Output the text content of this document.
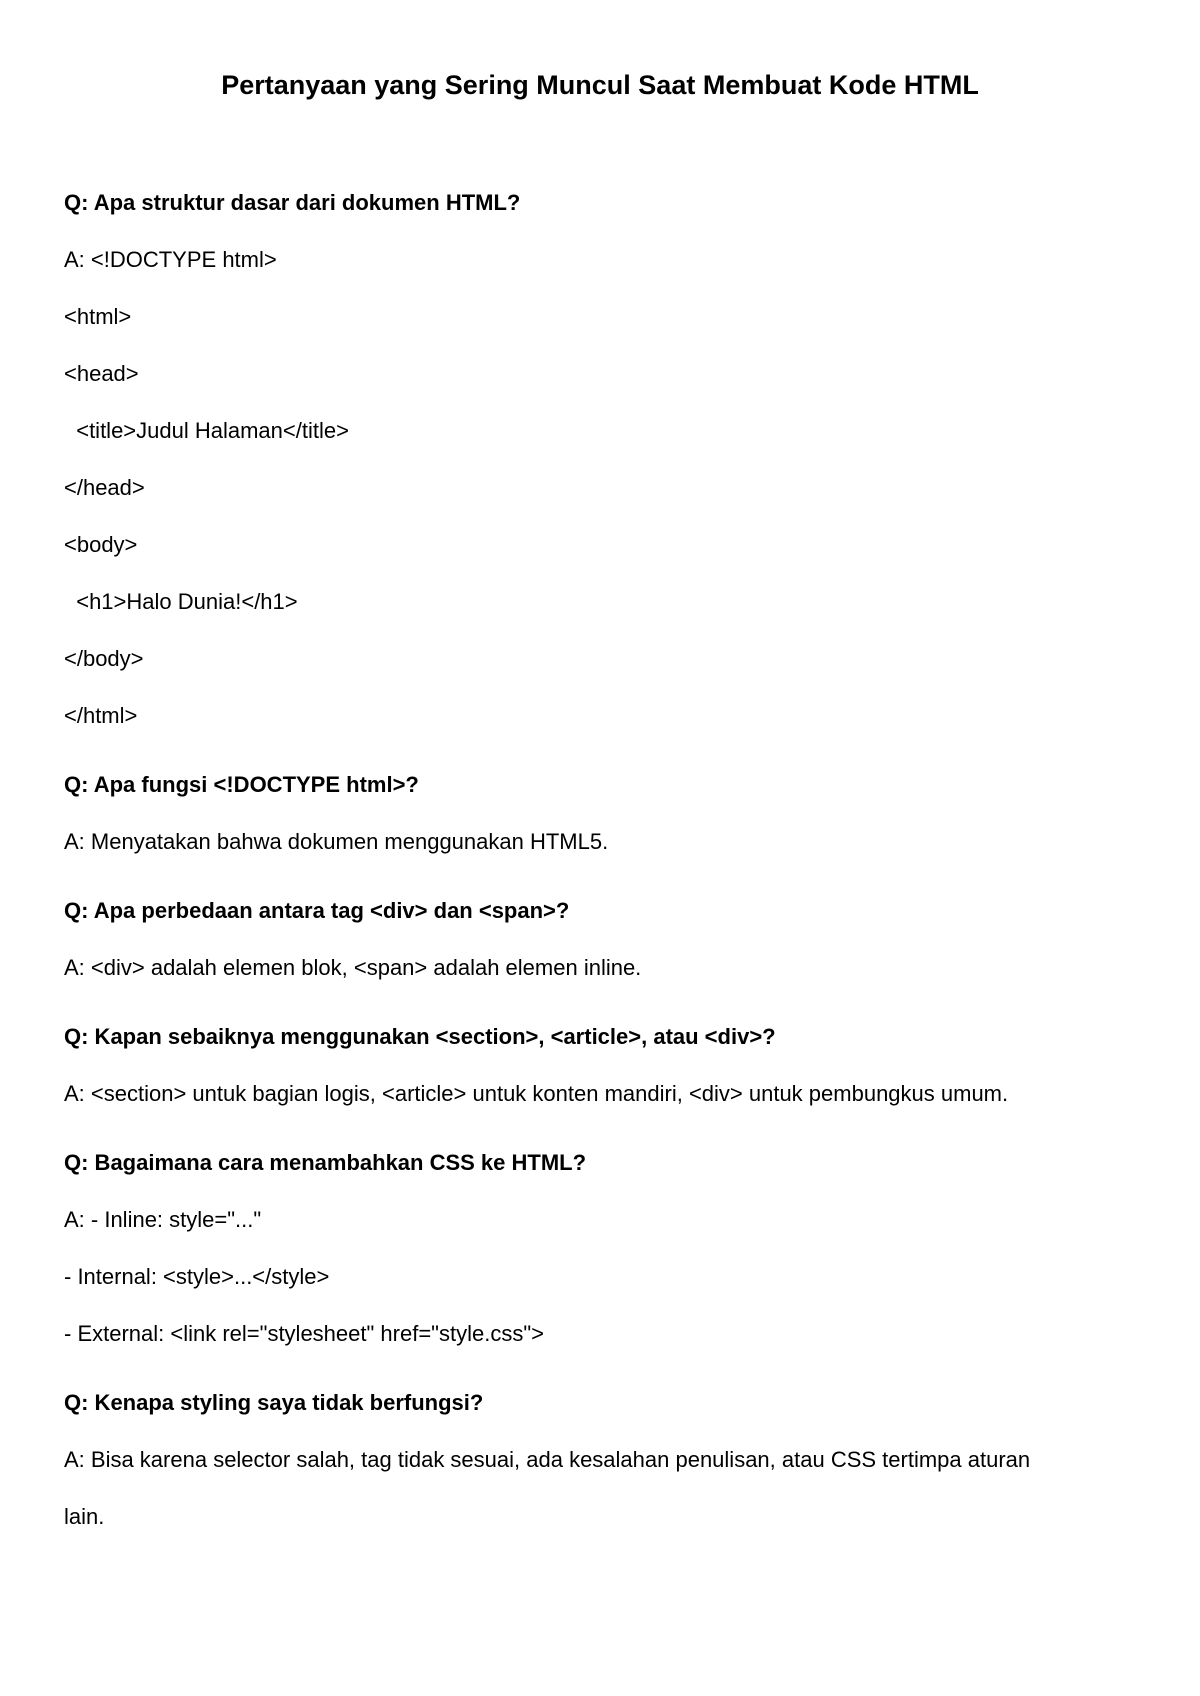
Pertanyaan yang Sering Muncul Saat Membuat Kode HTML

Q: Apa struktur dasar dari dokumen HTML?

A: <!DOCTYPE html>

<html>

<head>

<title>Judul Halaman</title>

</head>

<body>

<h1>Halo Dunia!</h1>

</body>

</html>

Q: Apa fungsi <!DOCTYPE html>?

A: Menyatakan bahwa dokumen menggunakan HTML5.

Q: Apa perbedaan antara tag <div> dan <span>?

A: <div> adalah elemen blok, <span> adalah elemen inline.

Q: Kapan sebaiknya menggunakan <section>, <article>, atau <div>?

A: <section> untuk bagian logis, <article> untuk konten mandiri, <div> untuk pembungkus umum.

Q: Bagaimana cara menambahkan CSS ke HTML?

A: - Inline: style="..."

- Internal: <style>...</style>

- External: <link rel="stylesheet" href="style.css">

Q: Kenapa styling saya tidak berfungsi?

A: Bisa karena selector salah, tag tidak sesuai, ada kesalahan penulisan, atau CSS tertimpa aturan

lain.
